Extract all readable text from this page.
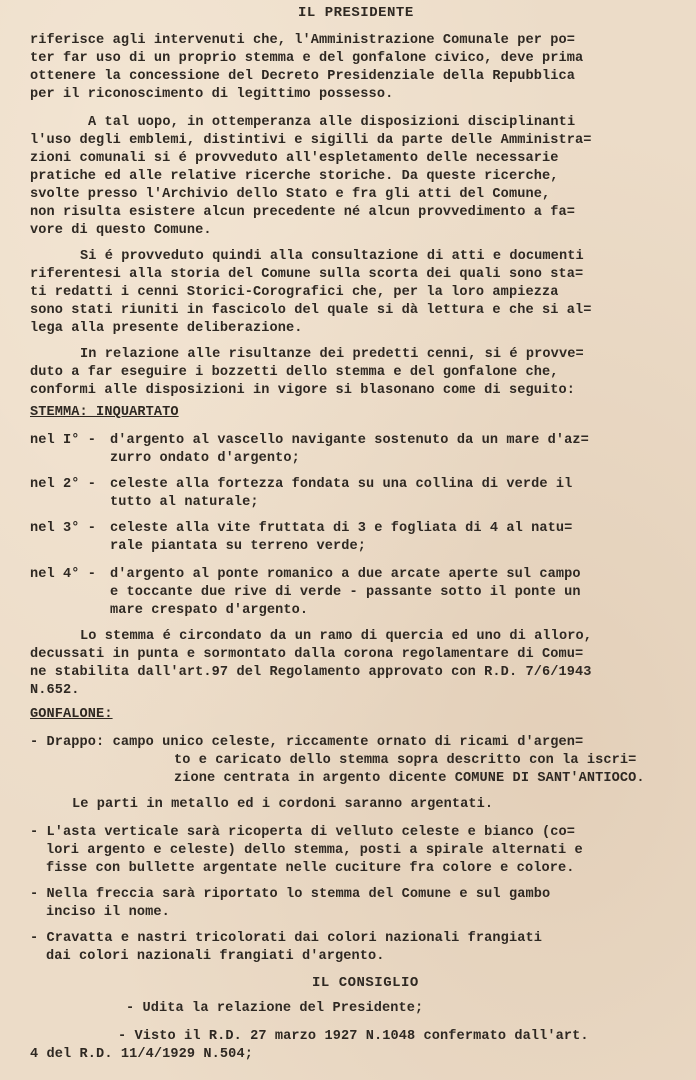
IL PRESIDENTE
riferisce agli intervenuti che, l'Amministrazione Comunale per po=
ter far uso di un proprio stemma e del gonfalone civico, deve prima
ottenere la concessione del Decreto Presidenziale della Repubblica
per il riconoscimento di legittimo possesso.
A tal uopo, in ottemperanza alle disposizioni disciplinanti
l'uso degli emblemi, distintivi e sigilli da parte delle Amministra=
zioni comunali si é provveduto all'espletamento delle necessarie
pratiche ed alle relative ricerche storiche. Da queste ricerche,
svolte presso l'Archivio dello Stato e fra gli atti del Comune,
non risulta esistere alcun precedente né alcun provvedimento a fa=
vore di questo Comune.
Si é provveduto quindi alla consultazione di atti e documenti
riferentesi alla storia del Comune sulla scorta dei quali sono sta=
ti redatti i cenni Storici-Corografici che, per la loro ampiezza
sono stati riuniti in fascicolo del quale si dà lettura e che si al=
lega alla presente deliberazione.
In relazione alle risultanze dei predetti cenni, si é provve=
duto a far eseguire i bozzetti dello stemma e del gonfalone che,
conformi alle disposizioni in vigore si blasonano come di seguito:
STEMMA: INQUARTATO
nel I° - d'argento al vascello navigante sostenuto da un mare d'az=
zurro ondato d'argento;
nel 2° - celeste alla fortezza fondata su una collina di verde il
tutto al naturale;
nel 3° - celeste alla vite fruttata di 3 e fogliata di 4 al natu=
rale piantata su terreno verde;
nel 4° - d'argento al ponte romanico a due arcate aperte sul campo
e toccante due rive di verde - passante sotto il ponte un
mare crespato d'argento.
Lo stemma é circondato da un ramo di quercia ed uno di alloro,
decussati in punta e sormontato dalla corona regolamentare di Comu=
ne stabilita dall'art.97 del Regolamento approvato con R.D. 7/6/1943
N.652.
GONFALONE:
- Drappo: campo unico celeste, riccamente ornato di ricami d'argen=
to e caricato dello stemma sopra descritto con la iscri=
zione centrata in argento dicente COMUNE DI SANT'ANTIOCO.
Le parti in metallo ed i cordoni saranno argentati.
- L'asta verticale sarà ricoperta di velluto celeste e bianco (co=
lori argento e celeste) dello stemma, posti a spirale alternati e
fisse con bullette argentate nelle cuciture fra colore e colore.
- Nella freccia sarà riportato lo stemma del Comune e sul gambo
inciso il nome.
- Cravatta e nastri tricolorati dai colori nazionali frangiati
dai colori nazionali frangiati d'argento.
IL CONSIGLIO
- Udita la relazione del Presidente;
- Visto il R.D. 27 marzo 1927 N.1048 confermato dall'art.
4 del R.D. 11/4/1929 N.504;
